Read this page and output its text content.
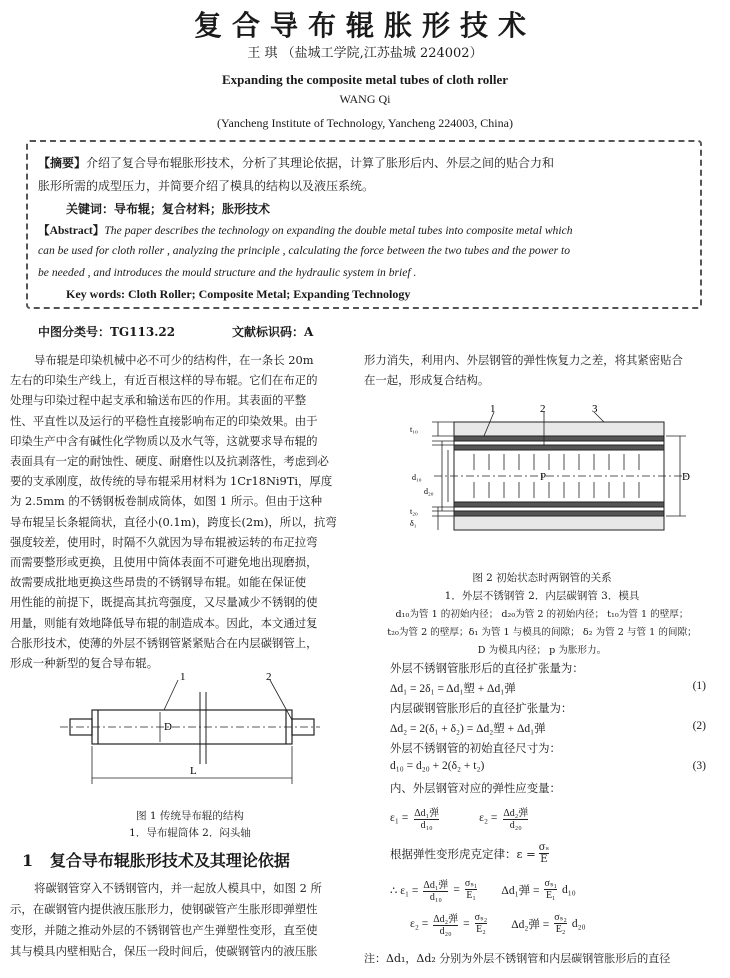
复合导布辊胀形技术
王 琪 （盐城工学院,江苏盐城 224002）
Expanding the composite metal tubes of cloth roller
WANG Qi
(Yancheng Institute of Technology, Yancheng 224003, China)
【摘要】介绍了复合导布辊胀形技术，分析了其理论依据，计算了胀形后内、外层之间的贴合力和
胀形所需的成型压力，并简要介绍了模具的结构以及液压系统。
关键词：导布辊；复合材料；胀形技术
【Abstract】The paper describes the technology on expanding the double metal tubes into composite metal which
can be used for cloth roller , analyzing the principle , calculating the force between the two tubes and the power to
be needed , and introduces the mould structure and the hydraulic system in brief .
Key words: Cloth Roller; Composite Metal; Expanding Technology
中图分类号：TG113.22	文献标识码：A
导布辊是印染机械中必不可少的结构件，在一条长 20m
左右的印染生产线上，有近百根这样的导布辊。它们在布疋的
处理与印染过程中起支承和输送布匹的作用。其表面的平整
性、平直性以及运行的平稳性直接影响布疋的印染效果。由于
印染生产中含有碱性化学物质以及水气等，这就要求导布辊的
表面具有一定的耐蚀性、硬度、耐磨性以及抗剥落性，考虑到必
要的支承刚度，故传统的导布辊采用材料为 1Cr18Ni9Ti，厚度
为 2.5mm 的不锈钢板卷制成筒体，如图 1 所示。但由于这种
导布辊呈长条辊筒状，直径小(0.1m)，跨度长(2m)，所以，抗弯
强度较差，使用时，时隔不久就因为导布辊被运转的布疋拉弯
而需要整形或更换，且使用中筒体表面不可避免地出现磨损，
故需要成批地更换这些昂贵的不锈钢导布辊。如能在保证使
用性能的前提下，既提高其抗弯强度，又尽量减少不锈钢的使
用量，则能有效地降低导布辊的制造成本。因此，本文通过复
合胀形技术，使薄的外层不锈钢管紧紧贴合在内层碳钢管上，
形成一种新型的复合导布辊。
1	2
D
L
图 1 传统导布辊的结构
1．导布辊筒体 2．闷头轴
1 复合导布辊胀形技术及其理论依据
将碳钢管穿入不锈钢管内，并一起放人模具中，如图 2 所
示，在碳钢管内提供液压胀形力，使钢碳管产生胀形即弹塑性
变形，并随之推动外层的不锈钢管也产生弹塑性变形，直至使
其与模具内壁相贴合，保压一段时间后，使碳钢管内的液压胀
形力消失，利用内、外层钢管的弹性恢复力之差，将其紧密贴合
在一起，形成复合结构。
1	2	3
t₁₀
d₁₀
d₂₀
t₂₀
δ₁
P	D
图 2 初始状态时两钢管的关系
1．外层不锈钢管 2．内层碳钢管 3．模具
d₁₀为管 1 的初始内径； d₂₀为管 2 的初始内径； t₁₀为管 1 的壁厚；
t₂₀为管 2 的壁厚；δ₁ 为管 1 与模具的间隙； δ₂ 为管 2 与管 1 的间隙；
D 为模具内径； p 为胀形力。
外层不锈钢管胀形后的直径扩张量为：
Δd₁ = 2δ₁ = Δd₁塑 + Δd₁弹	(1)
内层碳钢管胀形后的直径扩张量为：
Δd₂ = 2(δ₁ + δ₂) = Δd₂塑 + Δd₁弹	(2)
外层不锈钢管的初始直径尺寸为：
d₁₀ = d₂₀ + 2(δ₂ + t₂)	(3)
内、外层钢管对应的弹性应变量：
ε₁ = Δd₁弹
d₁₀
ε₂ = Δd₂弹
d₂₀
根据弹性变形虎克定律：$\varepsilon = \frac{\text{σₛ}}{E}$
∴ ε₁ = Δd₁弹
d₁₀
= $\frac{\text{σₛ₁}}{\text{E₁}} \Delta d_1$弹 = $\frac{\text{σₛ₁}}{\text{E₁}} d_{10}$
ε₂ = Δd₂弹
d₂₀
= $\frac{\text{σₛ₂}}{\text{E₂}} \Delta d_2$弹 = $\frac{\text{σₛ₂}}{\text{E₂}} d_{20}$
注：Δd₁，Δd₂ 分别为外层不锈钢管和内层碳钢管胀形后的直径
